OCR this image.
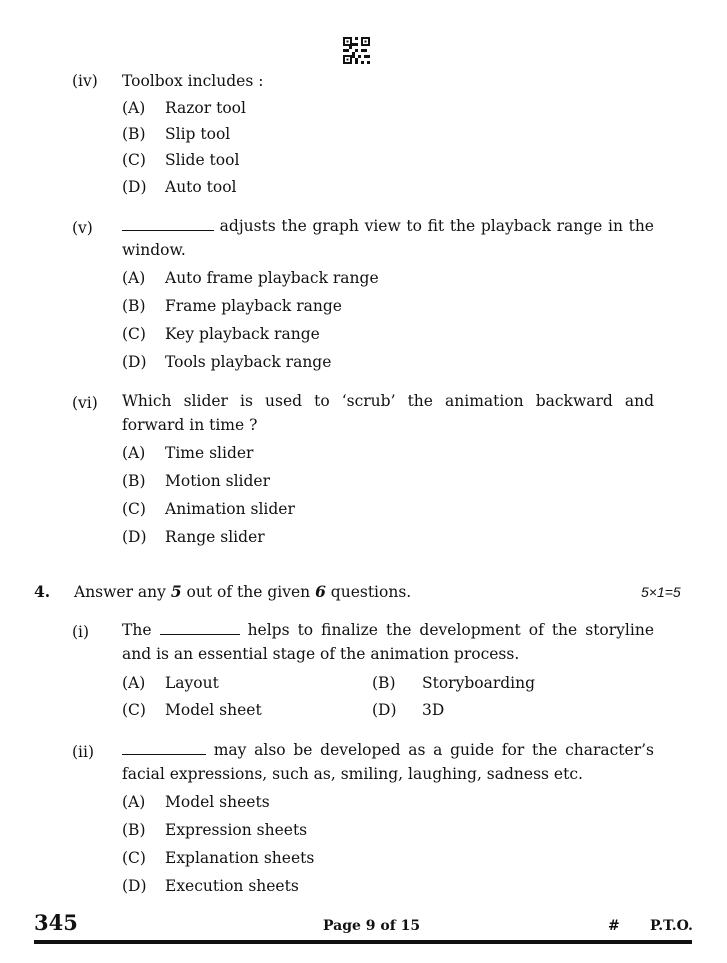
(iv) Toolbox includes :
(A) Razor tool
(B) Slip tool
(C) Slide tool
(D) Auto tool
(v)	adjusts the graph view to fit the playback range in the window.
(A) Auto frame playback range
(B) Frame playback range
(C) Key playback range
(D) Tools playback range
(vi) Which slider is used to ‘scrub’ the animation backward and forward in time ?
(A) Time slider
(B) Motion slider
(C) Animation slider
(D) Range slider
4. Answer any 5 out of the given 6 questions.	5×1=5
(i) The	helps to finalize the development of the storyline and is an essential stage of the animation process.
(A) Layout	(B) Storyboarding
(C) Model sheet	(D) 3D
(ii)	may also be developed as a guide for the character’s facial expressions, such as, smiling, laughing, sadness etc.
(A) Model sheets
(B) Expression sheets
(C) Explanation sheets
(D) Execution sheets
345	Page 9 of 15	# P.T.O.
